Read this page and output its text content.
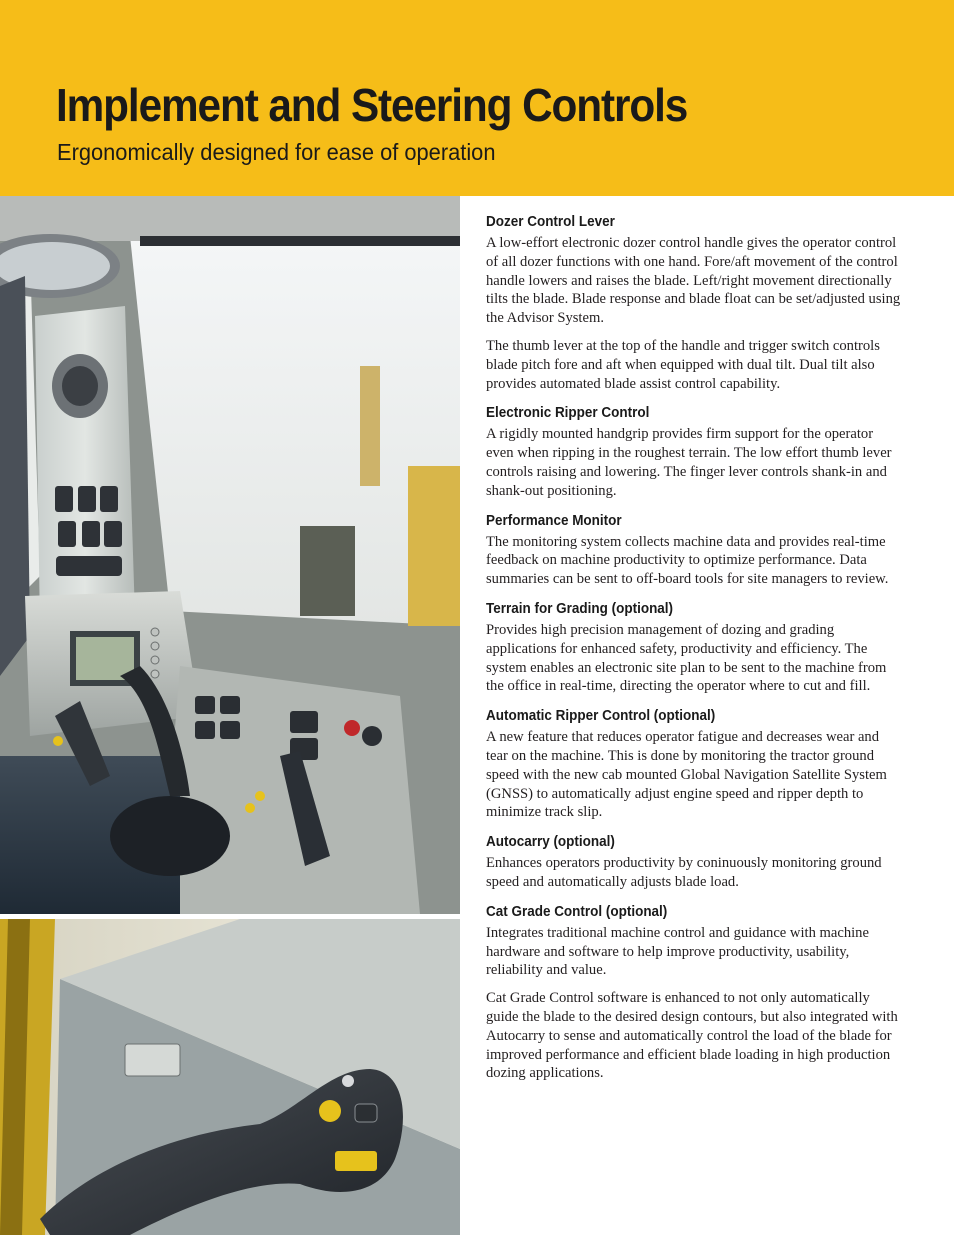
Implement and Steering Controls
Ergonomically designed for ease of operation
Dozer Control Lever

A low-effort electronic dozer control handle gives the operator control of all dozer functions with one hand. Fore/aft movement of the control handle lowers and raises the blade. Left/right movement directionally tilts the blade. Blade response and blade float can be set/adjusted using the Advisor System.

The thumb lever at the top of the handle and trigger switch controls blade pitch fore and aft when equipped with dual tilt. Dual tilt also provides automated blade assist control capability.

Electronic Ripper Control

A rigidly mounted handgrip provides firm support for the operator even when ripping in the roughest terrain. The low effort thumb lever controls raising and lowering. The finger lever controls shank-in and shank-out positioning.

Performance Monitor

The monitoring system collects machine data and provides real-time feedback on machine productivity to optimize performance. Data summaries can be sent to off-board tools for site managers to review.

Terrain for Grading (optional)

Provides high precision management of dozing and grading applications for enhanced safety, productivity and efficiency. The system enables an electronic site plan to be sent to the machine from the office in real-time, directing the operator where to cut and fill.

Automatic Ripper Control (optional)

A new feature that reduces operator fatigue and decreases wear and tear on the machine. This is done by monitoring the tractor ground speed with the new cab mounted Global Navigation Satellite System (GNSS) to automatically adjust engine speed and ripper depth to minimize track slip.

Autocarry (optional)

Enhances operators productivity by coninuously monitoring ground speed and automatically adjusts blade load.

Cat Grade Control (optional)

Integrates traditional machine control and guidance with machine hardware and software to help improve productivity, usability, reliability and value.

Cat Grade Control software is enhanced to not only automatically guide the blade to the desired design contours, but also integrated with Autocarry to sense and automatically control the load of the blade for improved performance and efficient blade loading in high production dozing applications.
